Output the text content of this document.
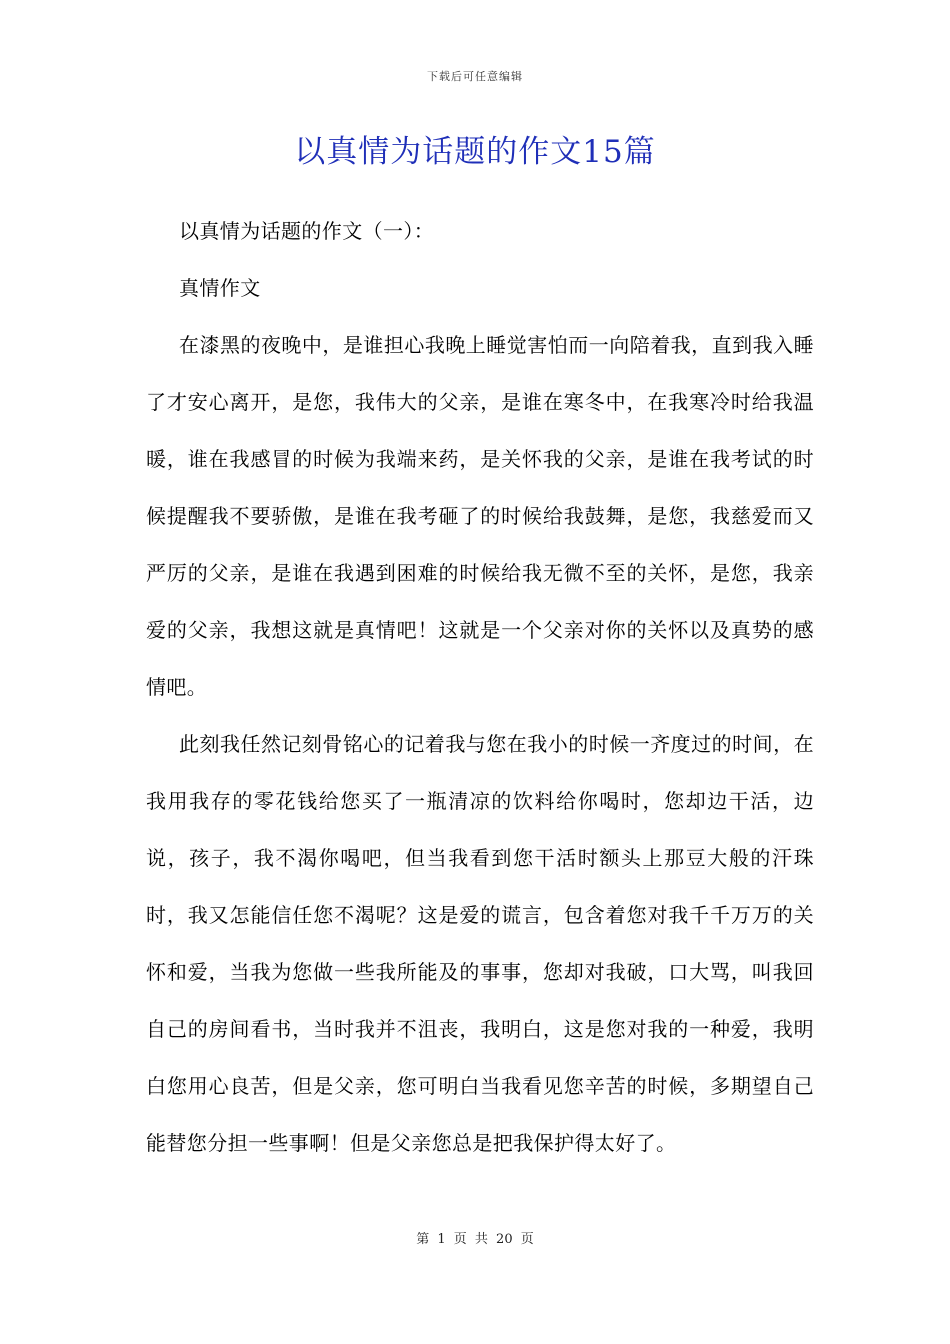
下载后可任意编辑
以真情为话题的作文15篇

以真情为话题的作文（一）：

真情作文

在漆黑的夜晚中，是谁担心我晚上睡觉害怕而一向陪着我，直到我入睡了才安心离开，是您，我伟大的父亲，是谁在寒冬中，在我寒冷时给我温暖，谁在我感冒的时候为我端来药，是关怀我的父亲，是谁在我考试的时候提醒我不要骄傲，是谁在我考砸了的时候给我鼓舞，是您，我慈爱而又严厉的父亲，是谁在我遇到困难的时候给我无微不至的关怀，是您，我亲爱的父亲，我想这就是真情吧！这就是一个父亲对你的关怀以及真势的感情吧。

此刻我任然记刻骨铭心的记着我与您在我小的时候一齐度过的时间，在我用我存的零花钱给您买了一瓶清凉的饮料给你喝时，您却边干活，边说，孩子，我不渴你喝吧，但当我看到您干活时额头上那豆大般的汗珠时，我又怎能信任您不渴呢？这是爱的谎言，包含着您对我千千万万的关怀和爱，当我为您做一些我所能及的事事，您却对我破，口大骂，叫我回自己的房间看书，当时我并不沮丧，我明白，这是您对我的一种爱，我明白您用心良苦，但是父亲，您可明白当我看见您辛苦的时候，多期望自己能替您分担一些事啊！但是父亲您总是把我保护得太好了。

第 1 页 共 20 页
